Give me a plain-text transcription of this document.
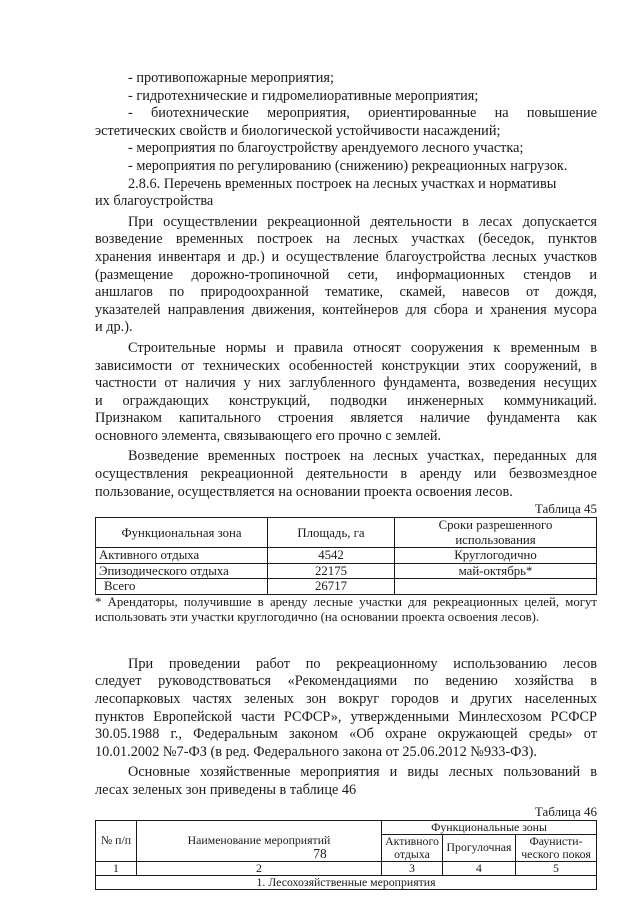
- противопожарные мероприятия;
- гидротехнические и гидромелиоративные мероприятия;
- биотехнические мероприятия, ориентированные на повышение
эстетических свойств и биологической устойчивости насаждений;
- мероприятия по благоустройству арендуемого лесного участка;
- мероприятия по регулированию (снижению) рекреационных нагрузок.
2.8.6. Перечень временных построек на лесных участках и нормативы
их благоустройства
При осуществлении рекреационной деятельности в лесах допускается
возведение временных построек на лесных участках (беседок, пунктов
хранения инвентаря и др.) и осуществление благоустройства лесных участков
(размещение дорожно-тропиночной сети, информационных стендов и
аншлагов по природоохранной тематике, скамей, навесов от дождя,
указателей направления движения, контейнеров для сбора и хранения мусора
и др.).
Строительные нормы и правила относят сооружения к временным в
зависимости от технических особенностей конструкции этих сооружений, в
частности от наличия у них заглубленного фундамента, возведения несущих
и ограждающих конструкций, подводки инженерных коммуникаций.
Признаком капитального строения является наличие фундамента как
основного элемента, связывающего его прочно с землей.
Возведение временных построек на лесных участках, переданных для
осуществления рекреационной деятельности в аренду или безвозмездное
пользование, осуществляется на основании проекта освоения лесов.
Таблица 45
Функциональная зона	Площадь, га	Сроки разрешенного использования
Активного отдыха	4542	Круглогодично
Эпизодического отдыха	22175	май-октябрь*
Всего	26717	
* Арендаторы, получившие в аренду лесные участки для рекреационных целей, могут
использовать эти участки круглогодично (на основании проекта освоения лесов).
При проведении работ по рекреационному использованию лесов
следует руководствоваться «Рекомендациями по ведению хозяйства в
лесопарковых частях зеленых зон вокруг городов и других населенных
пунктов Европейской части РСФСР», утвержденными Минлесхозом РСФСР
30.05.1988 г., Федеральным законом «Об охране окружающей среды» от
10.01.2002 №7-ФЗ (в ред. Федерального закона от 25.06.2012 №933-ФЗ).
Основные хозяйственные мероприятия и виды лесных пользований в
лесах зеленых зон приведены в таблице 46
Таблица 46
№ п/п	Наименование мероприятий	Функциональные зоны		
		Активного отдыха	Прогулочная	Фаунисти- ческого покоя
1	2	3	4	5
1. Лесохозяйственные мероприятия				
78
